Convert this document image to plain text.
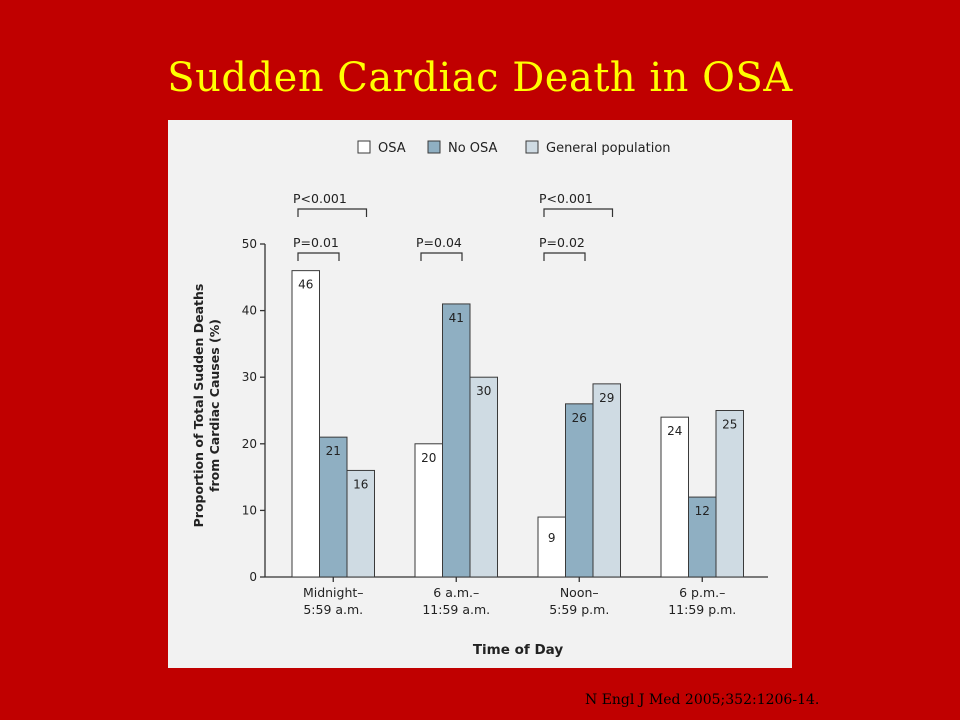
Sudden Cardiac Death in OSA
0
10
20
30
40
50
Proportion of Total Sudden Deaths from Cardiac Causes (%)
Time of Day
46
21
16
Midnight–
5:59 a.m.
20
41
30
6 a.m.–
11:59 a.m.
9
26
29
Noon–
5:59 p.m.
24
12
25
6 p.m.–
11:59 p.m.
P<0.001
P=0.01	P=0.04
P<0.001
P=0.02
OSA	No OSA	General population
N Engl J Med 2005;352:1206-14.
